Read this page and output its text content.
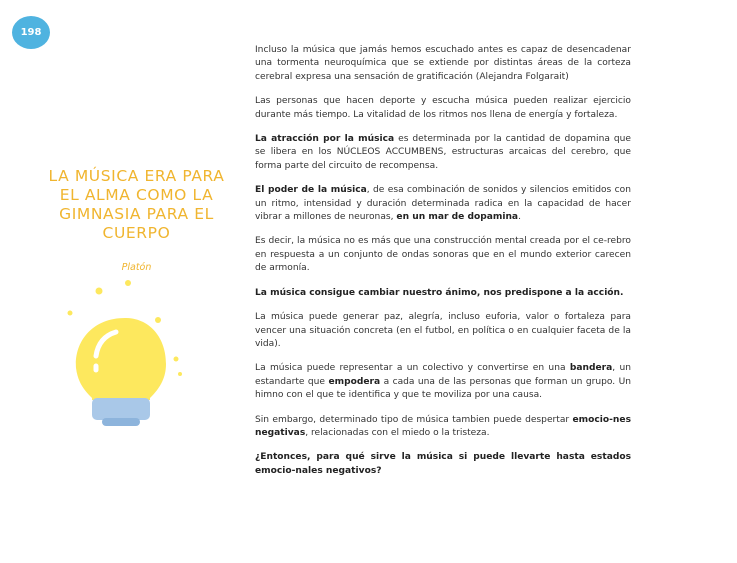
198
LA MÚSICA ERA PARA EL ALMA COMO LA GIMNASIA PARA EL CUERPO
Platón

Incluso la música que jamás hemos escuchado antes es capaz de desencadenar una tormenta neuroquímica que se extiende por distintas áreas de la corteza cerebral expresa una sensación de gratificación (Alejandra Folgarait)

Las personas que hacen deporte y escucha música pueden realizar ejercicio durante más tiempo. La vitalidad de los ritmos nos llena de energía y fortaleza.

La atracción por la música es determinada por la cantidad de dopamina que se libera en los NÚCLEOS ACCUMBENS, estructuras arcaicas del cerebro, que forma parte del circuito de recompensa.

El poder de la música, de esa combinación de sonidos y silencios emitidos con un ritmo, intensidad y duración determinada radica en la capacidad de hacer vibrar a millones de neuronas, en un mar de dopamina.

Es decir, la música no es más que una construcción mental creada por el ce-rebro en respuesta a un conjunto de ondas sonoras que en el mundo exterior carecen de armonía.

La música consigue cambiar nuestro ánimo, nos predispone a la acción.

La música puede generar paz, alegría, incluso euforia, valor o fortaleza para vencer una situación concreta (en el futbol, en política o en cualquier faceta de la vida).

La música puede representar a un colectivo y convertirse en una bandera, un estandarte que empodera a cada una de las personas que forman un grupo. Un himno con el que te identifica y que te moviliza por una causa.

Sin embargo, determinado tipo de música tambien puede despertar emocio-nes negativas, relacionadas con el miedo o la tristeza.

¿Entonces, para qué sirve la música si puede llevarte hasta estados emocio-nales negativos?
